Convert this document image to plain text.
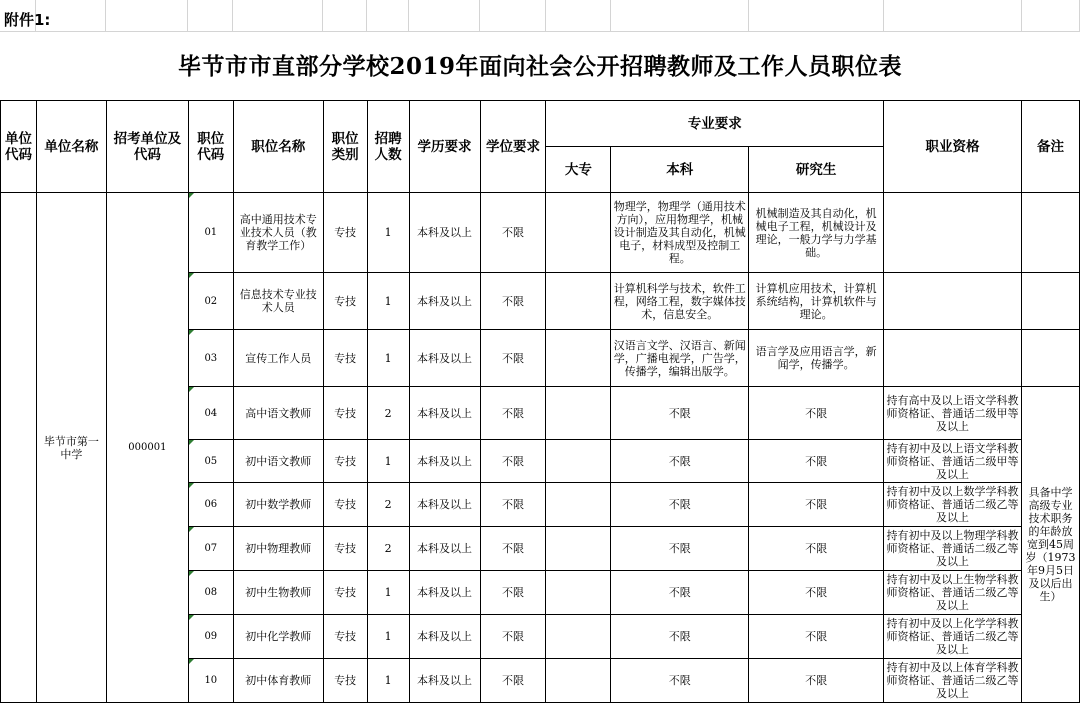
附件1:
毕节市市直部分学校2019年面向社会公开招聘教师及工作人员职位表
单位代码	单位名称	招考单位及代码	职位代码	职位名称	职位类别	招聘人数	学历要求	学位要求	专业要求			职业资格	备注
									大专	本科	研究生		
	毕节市第一中学	000001	01	高中通用技术专业技术人员（教育教学工作）	专技	1	本科及以上	不限		物理学，物理学（通用技术方向），应用物理学，机械设计制造及其自动化，机械电子，材料成型及控制工程。	机械制造及其自动化，机械电子工程，机械设计及理论，一般力学与力学基础。		
			02	信息技术专业技术人员	专技	1	本科及以上	不限		计算机科学与技术，软件工程，网络工程，数字媒体技术，信息安全。	计算机应用技术，计算机系统结构，计算机软件与理论。		
			03	宣传工作人员	专技	1	本科及以上	不限		汉语言文学、汉语言、新闻学，广播电视学，广告学，传播学，编辑出版学。	语言学及应用语言学，新闻学，传播学。		
			04	高中语文教师	专技	2	本科及以上	不限		不限	不限	持有高中及以上语文学科教师资格证、普通话二级甲等及以上	具备中学高级专业技术职务的年龄放宽到45周岁（1973年9月5日及以后出生）
			05	初中语文教师	专技	1	本科及以上	不限		不限	不限	持有初中及以上语文学科教师资格证、普通话二级甲等及以上	
			06	初中数学教师	专技	2	本科及以上	不限		不限	不限	持有初中及以上数学学科教师资格证、普通话二级乙等及以上	
			07	初中物理教师	专技	2	本科及以上	不限		不限	不限	持有初中及以上物理学科教师资格证、普通话二级乙等及以上	
			08	初中生物教师	专技	1	本科及以上	不限		不限	不限	持有初中及以上生物学科教师资格证、普通话二级乙等及以上	
			09	初中化学教师	专技	1	本科及以上	不限		不限	不限	持有初中及以上化学学科教师资格证、普通话二级乙等及以上	
			10	初中体育教师	专技	1	本科及以上	不限		不限	不限	持有初中及以上体育学科教师资格证、普通话二级乙等及以上	
